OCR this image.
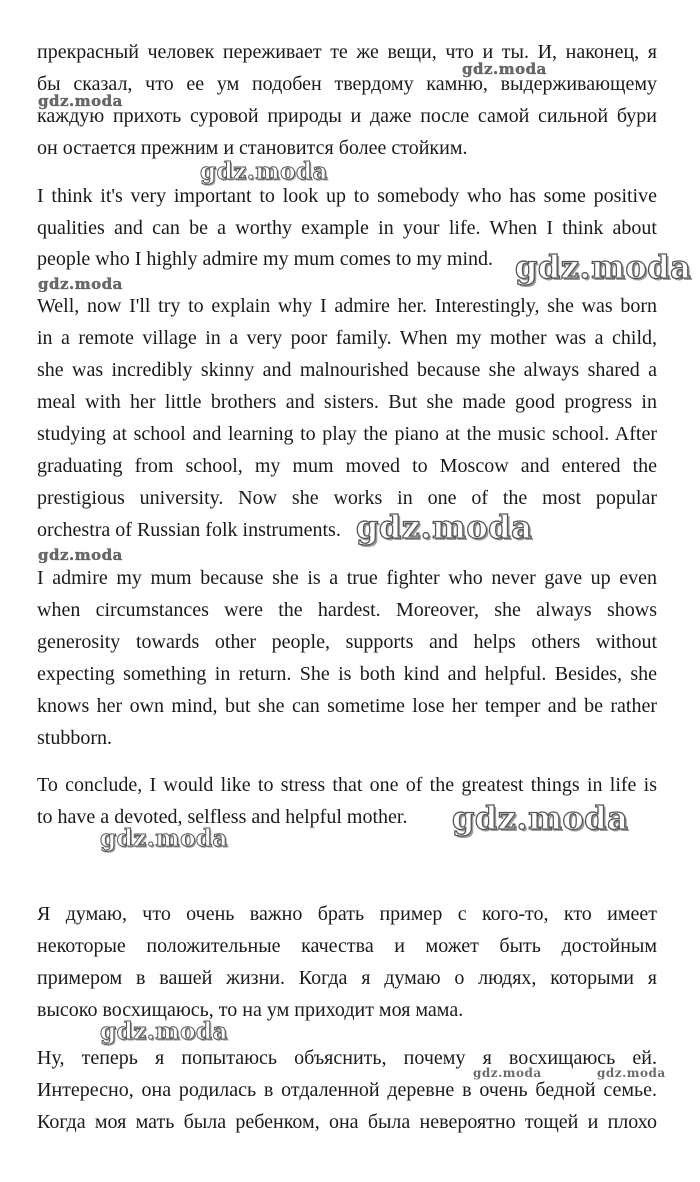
прекрасный человек переживает те же вещи, что и ты. И, наконец, я
бы сказал, что ее ум подобен твердому камню, выдерживающему
каждую прихоть суровой природы и даже после самой сильной бури
он остается прежним и становится более стойким.
I think it's very important to look up to somebody who has some positive
qualities and can be a worthy example in your life. When I think about
people who I highly admire my mum comes to my mind.
Well, now I'll try to explain why I admire her. Interestingly, she was born
in a remote village in a very poor family. When my mother was a child,
she was incredibly skinny and malnourished because she always shared a
meal with her little brothers and sisters. But she made good progress in
studying at school and learning to play the piano at the music school. After
graduating from school, my mum moved to Moscow and entered the
prestigious university. Now she works in one of the most popular
orchestra of Russian folk instruments.
I admire my mum because she is a true fighter who never gave up even
when circumstances were the hardest. Moreover, she always shows
generosity towards other people, supports and helps others without
expecting something in return. She is both kind and helpful. Besides, she
knows her own mind, but she can sometime lose her temper and be rather
stubborn.
To conclude, I would like to stress that one of the greatest things in life is
to have a devoted, selfless and helpful mother.
Я думаю, что очень важно брать пример с кого-то, кто имеет
некоторые положительные качества и может быть достойным
примером в вашей жизни. Когда я думаю о людях, которыми я
высоко восхищаюсь, то на ум приходит моя мама.
Ну, теперь я попытаюсь объяснить, почему я восхищаюсь ей.
Интересно, она родилась в отдаленной деревне в очень бедной семье.
Когда моя мать была ребенком, она была невероятно тощей и плохо
gdz.moda
gdz.moda
gdz.moda
gdz.moda
gdz.moda
gdz.moda
gdz.moda
gdz.moda
gdz.moda
gdz.moda
gdz.moda	gdz.moda
